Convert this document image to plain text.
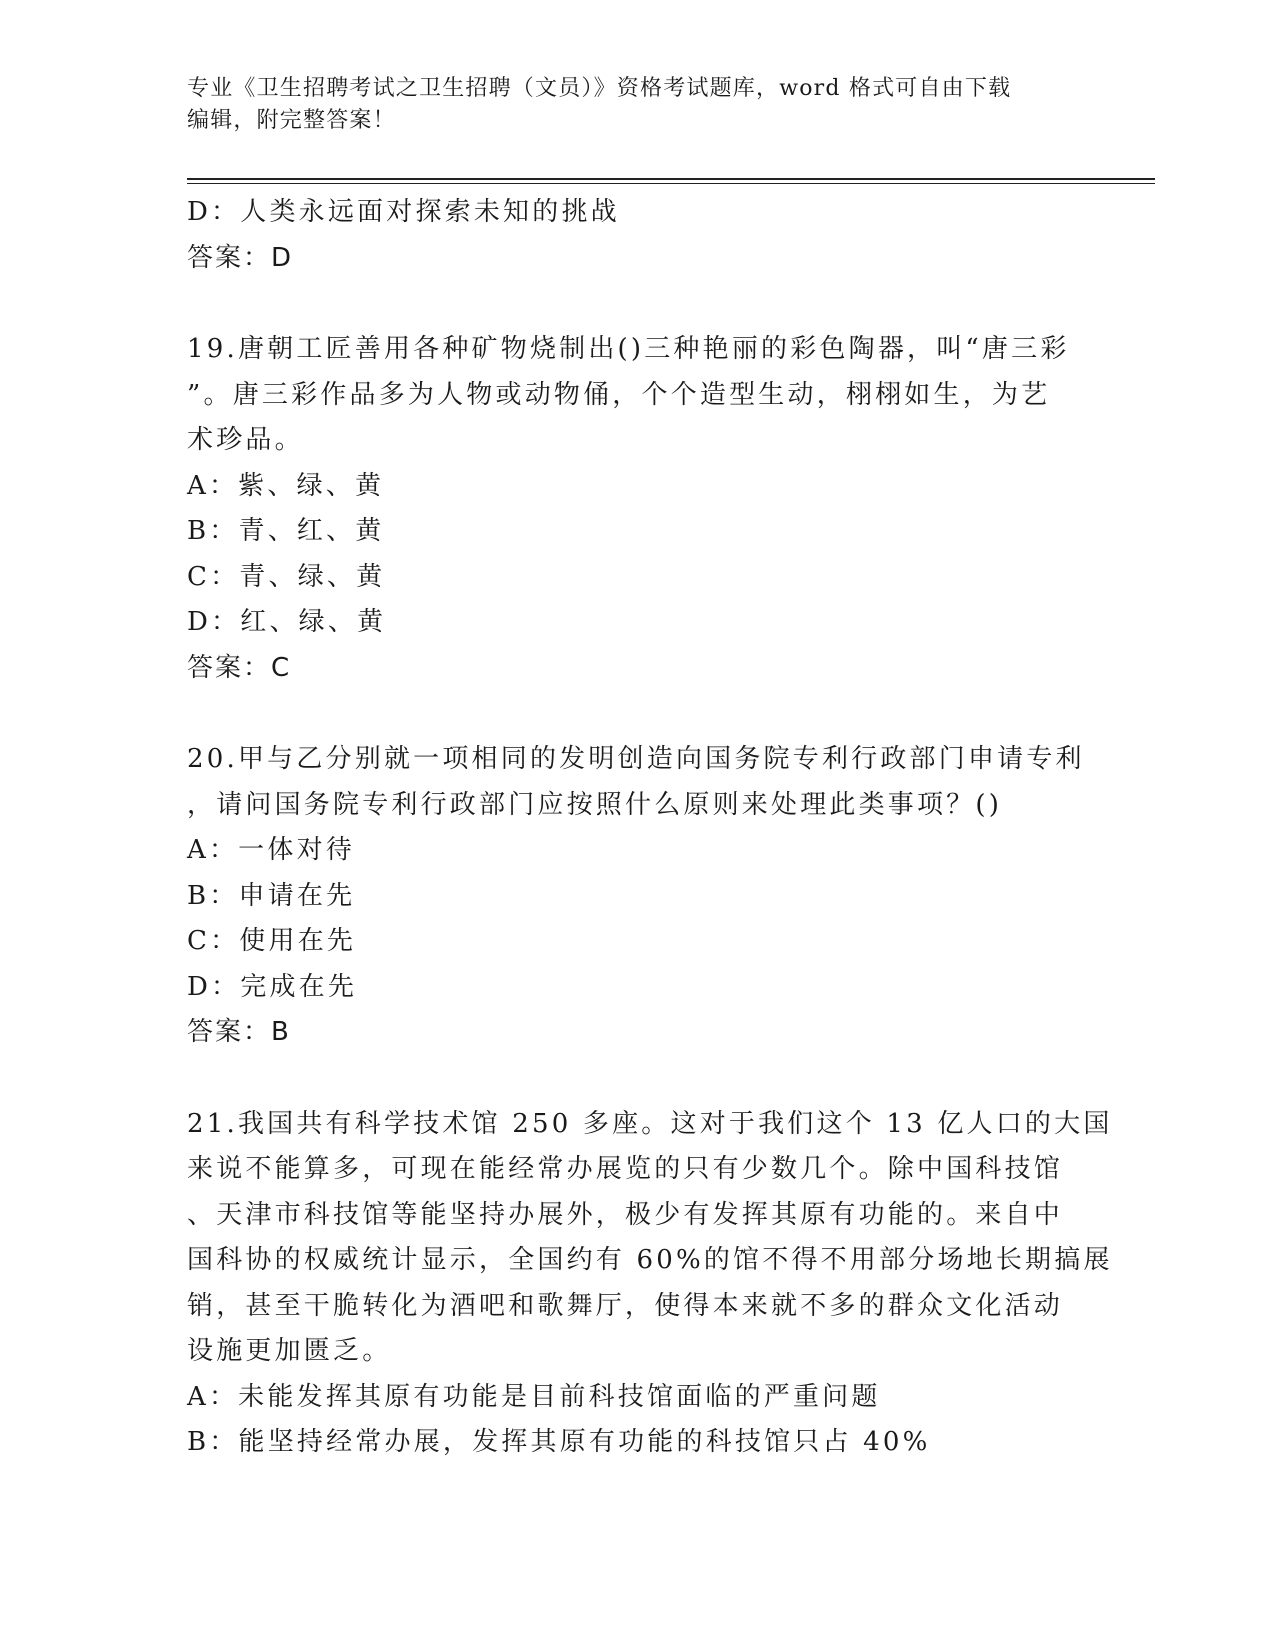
专业《卫生招聘考试之卫生招聘（文员）》资格考试题库，word 格式可自由下载
编辑，附完整答案！
D：人类永远面对探索未知的挑战
答案：D
19.唐朝工匠善用各种矿物烧制出()三种艳丽的彩色陶器，叫“唐三彩
”。唐三彩作品多为人物或动物俑，个个造型生动，栩栩如生，为艺
术珍品。
A：紫、绿、黄
B：青、红、黄
C：青、绿、黄
D：红、绿、黄
答案：C
20.甲与乙分别就一项相同的发明创造向国务院专利行政部门申请专利
，请问国务院专利行政部门应按照什么原则来处理此类事项？()
A：一体对待
B：申请在先
C：使用在先
D：完成在先
答案：B
21.我国共有科学技术馆 250 多座。这对于我们这个 13 亿人口的大国
来说不能算多，可现在能经常办展览的只有少数几个。除中国科技馆
、天津市科技馆等能坚持办展外，极少有发挥其原有功能的。来自中
国科协的权威统计显示，全国约有 60%的馆不得不用部分场地长期搞展
销，甚至干脆转化为酒吧和歌舞厅，使得本来就不多的群众文化活动
设施更加匮乏。
A：未能发挥其原有功能是目前科技馆面临的严重问题
B：能坚持经常办展，发挥其原有功能的科技馆只占 40%
